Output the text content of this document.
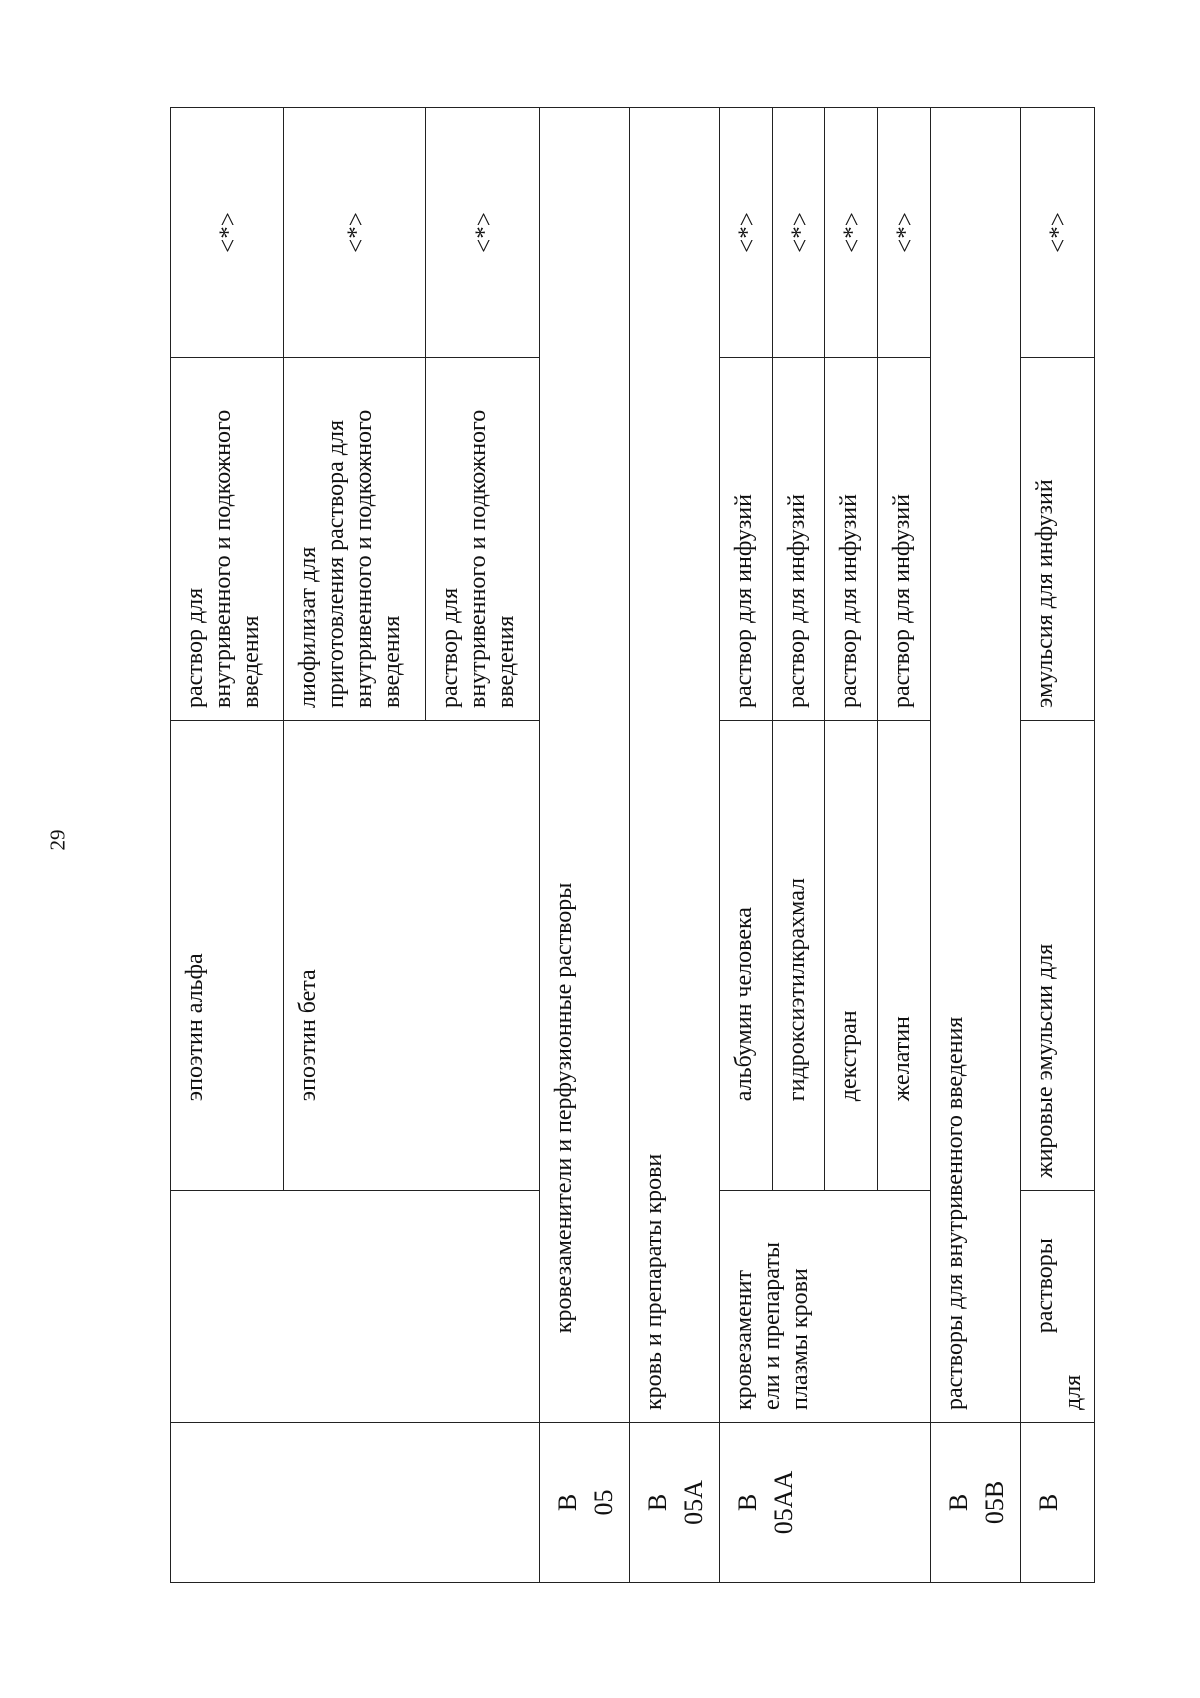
29

		эпоэтин альфа	раствор для
внутривенного и подкожного
введения	<*>

		эпоэтин бета	лиофилизат для
приготовления раствора для
внутривенного и подкожного
введения	<*>
			раствор для
внутривенного и подкожного
введения	<*>
B
05	кровезаменители и перфузионные растворы			

B
05A	кровь и препараты крови			
B
05AA	кровезаменит
ели и препараты
плазмы крови	альбумин человека	раствор для инфузий	<*>

		гидроксиэтилкрахмал	раствор для инфузий	<*>

		декстран	раствор для инфузий	<*>

		желатин	раствор для инфузий	<*>
B
05B	растворы для внутривенного введения			
B	растворы для	жировые эмульсии для	эмульсия для инфузий	<*>
